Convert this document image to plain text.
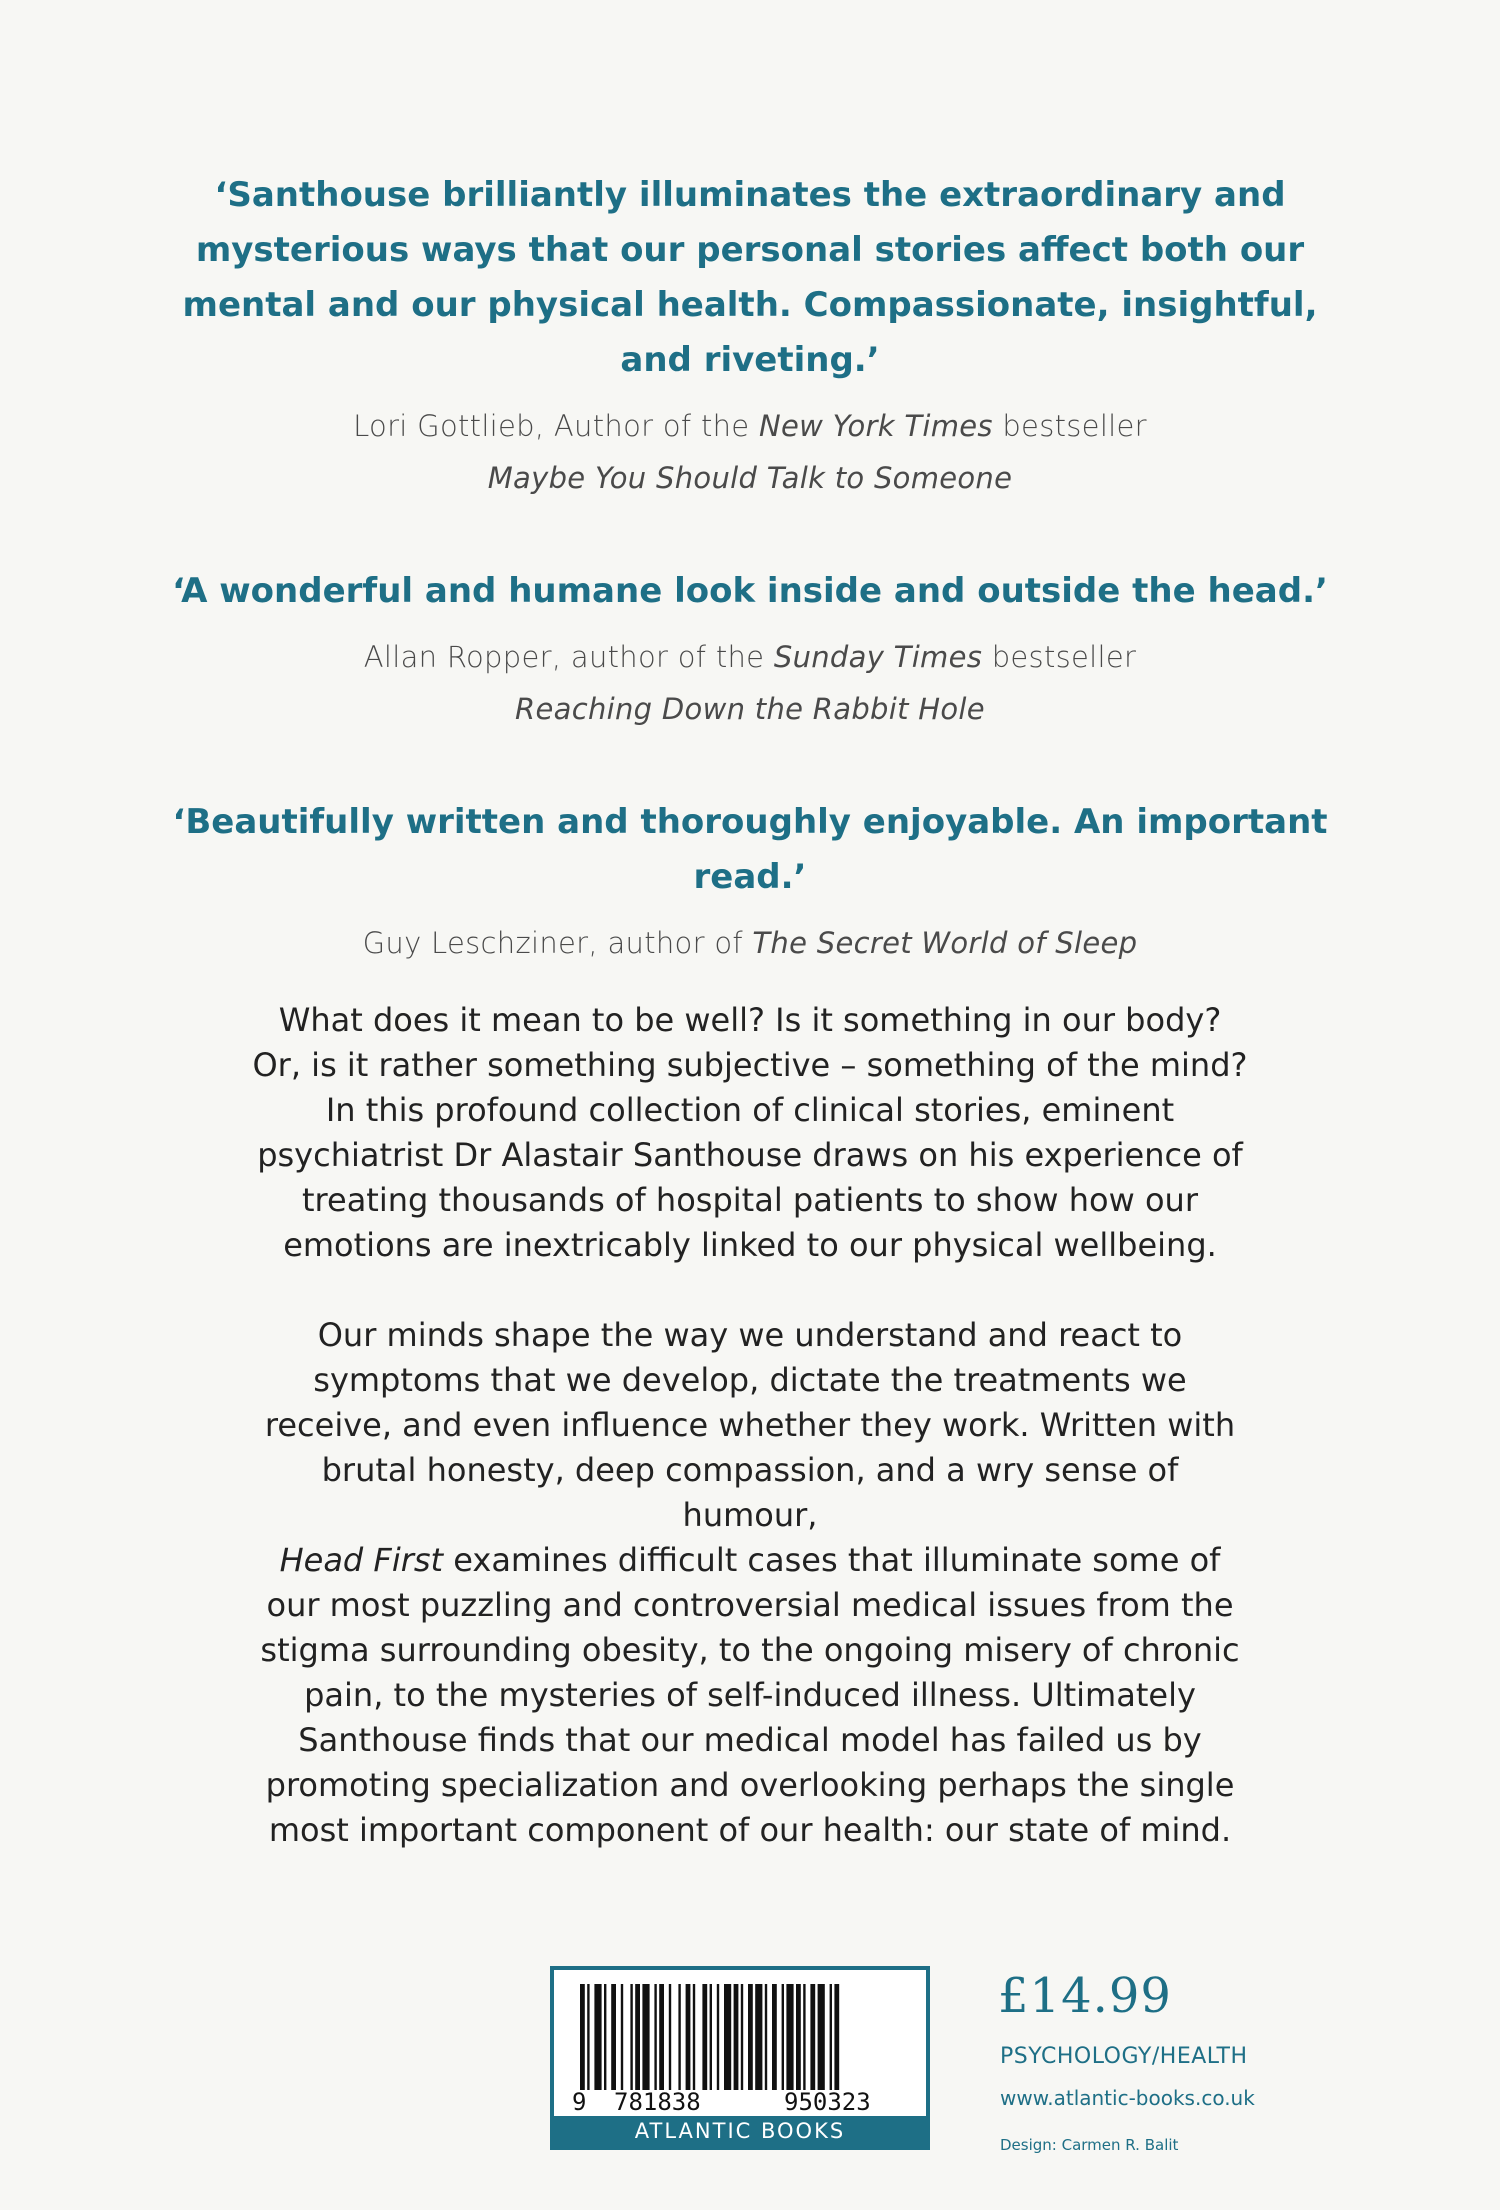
‘Santhouse brilliantly illuminates the extraordinary and mysterious ways that our personal stories affect both our mental and our physical health. Compassionate, insightful, and riveting.’
Lori Gottlieb, Author of the New York Times bestseller
Maybe You Should Talk to Someone
‘A wonderful and humane look inside and outside the head.’
Allan Ropper, author of the Sunday Times bestseller
Reaching Down the Rabbit Hole
‘Beautifully written and thoroughly enjoyable. An important read.’
Guy Leschziner, author of The Secret World of Sleep

What does it mean to be well? Is it something in our body? Or, is it rather something subjective – something of the mind? In this profound collection of clinical stories, eminent psychiatrist Dr Alastair Santhouse draws on his experience of treating thousands of hospital patients to show how our emotions are inextricably linked to our physical wellbeing.

Our minds shape the way we understand and react to symptoms that we develop, dictate the treatments we receive, and even influence whether they work. Written with brutal honesty, deep compassion, and a wry sense of humour,
Head First examines difficult cases that illuminate some of our most puzzling and controversial medical issues from the stigma surrounding obesity, to the ongoing misery of chronic pain, to the mysteries of self-induced illness. Ultimately Santhouse finds that our medical model has failed us by promoting specialization and overlooking perhaps the single most important component of our health: our state of mind.

9 781838	950323
ATLANTIC BOOKS
£14.99
PSYCHOLOGY/HEALTH
www.atlantic-books.co.uk
Design: Carmen R. Balit
